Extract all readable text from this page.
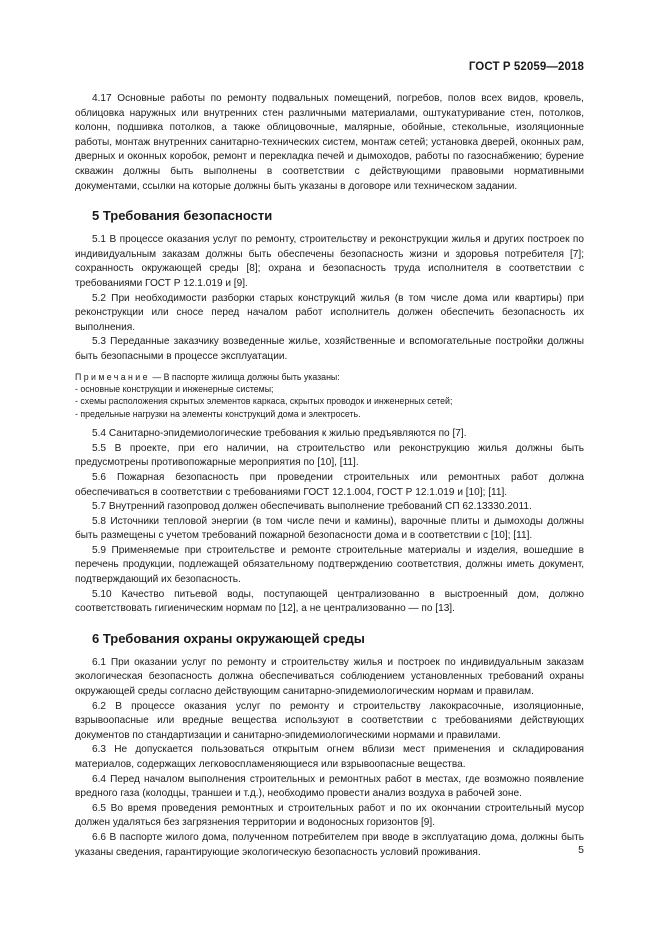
ГОСТ Р 52059—2018

4.17 Основные работы по ремонту подвальных помещений, погребов, полов всех видов, кровель, облицовка наружных или внутренних стен различными материалами, оштукатуривание стен, потолков, колонн, подшивка потолков, а также облицовочные, малярные, обойные, стекольные, изоляционные работы, монтаж внутренних санитарно-технических систем, монтаж сетей; установка дверей, оконных рам, дверных и оконных коробок, ремонт и перекладка печей и дымоходов, работы по газоснабжению; бурение скважин должны быть выполнены в соответствии с действующими правовыми нормативными документами, ссылки на которые должны быть указаны в договоре или техническом задании.

5 Требования безопасности

5.1 В процессе оказания услуг по ремонту, строительству и реконструкции жилья и других построек по индивидуальным заказам должны быть обеспечены безопасность жизни и здоровья потребителя [7]; сохранность окружающей среды [8]; охрана и безопасность труда исполнителя в соответствии с требованиями ГОСТ Р 12.1.019 и [9].

5.2 При необходимости разборки старых конструкций жилья (в том числе дома или квартиры) при реконструкции или сносе перед началом работ исполнитель должен обеспечить безопасность их выполнения.

5.3 Переданные заказчику возведенные жилье, хозяйственные и вспомогательные постройки должны быть безопасными в процессе эксплуатации.

Примечание — В паспорте жилища должны быть указаны:
- основные конструкции и инженерные системы;
- схемы расположения скрытых элементов каркаса, скрытых проводок и инженерных сетей;
- предельные нагрузки на элементы конструкций дома и электросеть.

5.4 Санитарно-эпидемиологические требования к жилью предъявляются по [7].

5.5 В проекте, при его наличии, на строительство или реконструкцию жилья должны быть предусмотрены противопожарные мероприятия по [10], [11].

5.6 Пожарная безопасность при проведении строительных или ремонтных работ должна обеспечиваться в соответствии с требованиями ГОСТ 12.1.004, ГОСТ Р 12.1.019 и [10]; [11].

5.7 Внутренний газопровод должен обеспечивать выполнение требований СП 62.13330.2011.

5.8 Источники тепловой энергии (в том числе печи и камины), варочные плиты и дымоходы должны быть размещены с учетом требований пожарной безопасности дома и в соответствии с [10]; [11].

5.9 Применяемые при строительстве и ремонте строительные материалы и изделия, вошедшие в перечень продукции, подлежащей обязательному подтверждению соответствия, должны иметь документ, подтверждающий их безопасность.

5.10 Качество питьевой воды, поступающей централизованно в выстроенный дом, должно соответствовать гигиеническим нормам по [12], а не централизованно — по [13].

6 Требования охраны окружающей среды

6.1 При оказании услуг по ремонту и строительству жилья и построек по индивидуальным заказам экологическая безопасность должна обеспечиваться соблюдением установленных требований охраны окружающей среды согласно действующим санитарно-эпидемиологическим нормам и правилам.

6.2 В процессе оказания услуг по ремонту и строительству лакокрасочные, изоляционные, взрывоопасные или вредные вещества используют в соответствии с требованиями действующих документов по стандартизации и санитарно-эпидемиологическими нормами и правилами.

6.3 Не допускается пользоваться открытым огнем вблизи мест применения и складирования материалов, содержащих легковоспламеняющиеся или взрывоопасные вещества.

6.4 Перед началом выполнения строительных и ремонтных работ в местах, где возможно появление вредного газа (колодцы, траншеи и т.д.), необходимо провести анализ воздуха в рабочей зоне.

6.5 Во время проведения ремонтных и строительных работ и по их окончании строительный мусор должен удаляться без загрязнения территории и водоносных горизонтов [9].

6.6 В паспорте жилого дома, полученном потребителем при вводе в эксплуатацию дома, должны быть указаны сведения, гарантирующие экологическую безопасность условий проживания.	5
